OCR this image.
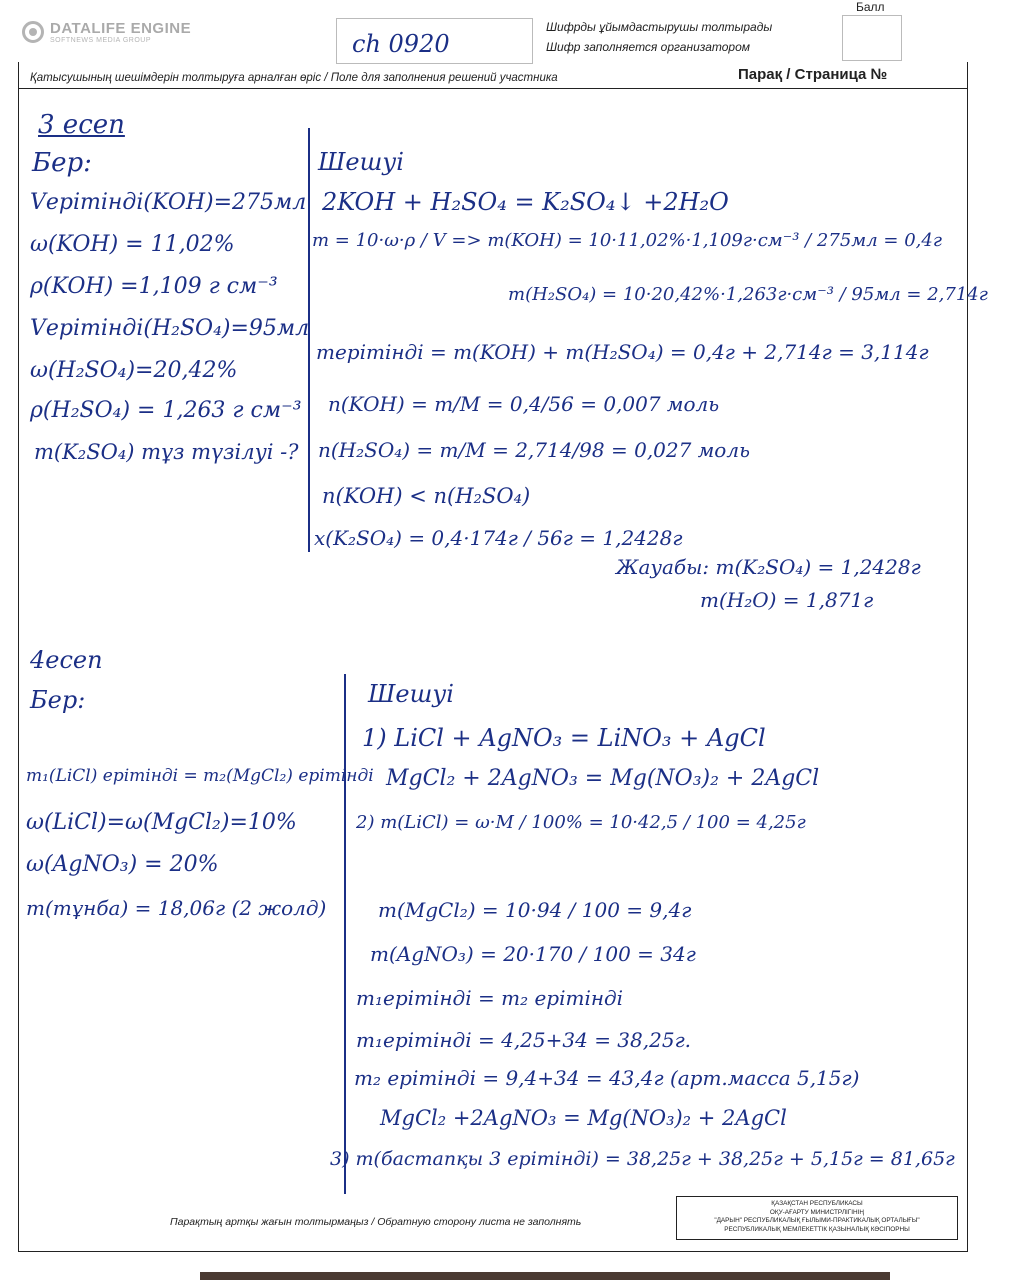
DATALIFE ENGINE
SOFTNEWS MEDIA GROUP	ch 0920
Шифрды ұйымдастырушы толтырады
Шифр заполняется организатором
Балл
Қатысушының шешімдерін толтыруға арналған өріс / Поле для заполнения решений участника	Парақ / Страница №
3 есеп
Бер:
Vерітінді(KOH)=275мл
ω(KOH) = 11,02%
ρ(KOH) =1,109 г см⁻³
Vерітінді(H₂SO₄)=95мл
ω(H₂SO₄)=20,42%
ρ(H₂SO₄) = 1,263 г см⁻³
m(K₂SO₄) тұз түзілуі -?
Шешуі
2KOH + H₂SO₄ = K₂SO₄↓ +2H₂O
m = 10·ω·ρ / V => m(KOH) = 10·11,02%·1,109г·см⁻³ / 275мл = 0,4г
m(H₂SO₄) = 10·20,42%·1,263г·см⁻³ / 95мл = 2,714г
mерітінді = m(KOH) + m(H₂SO₄) = 0,4г + 2,714г = 3,114г
n(KOH) = m/M = 0,4/56 = 0,007 моль
n(H₂SO₄) = m/M = 2,714/98 = 0,027 моль
n(KOH) < n(H₂SO₄)
x(K₂SO₄) = 0,4·174г / 56г = 1,2428г
Жауабы: m(K₂SO₄) = 1,2428г
m(H₂O) = 1,871г
4есеп
Бер:
m₁(LiCl) ерітінді = m₂(MgCl₂) ерітінді
ω(LiCl)=ω(MgCl₂)=10%
ω(AgNO₃) = 20%
m(тұнба) = 18,06г (2 жолд)
Шешуі
1) LiCl + AgNO₃ = LiNO₃ + AgCl
MgCl₂ + 2AgNO₃ = Mg(NO₃)₂ + 2AgCl
2) m(LiCl) = ω·M / 100% = 10·42,5 / 100 = 4,25г
m(MgCl₂) = 10·94 / 100 = 9,4г
m(AgNO₃) = 20·170 / 100 = 34г
m₁ерітінді = m₂ ерітінді
m₁ерітінді = 4,25+34 = 38,25г.
m₂ ерітінді = 9,4+34 = 43,4г (арт.масса 5,15г)
MgCl₂ +2AgNO₃ = Mg(NO₃)₂ + 2AgCl
3) m(бастапқы 3 ерітінді) = 38,25г + 38,25г + 5,15г = 81,65г
Парақтың артқы жағын толтырмаңыз / Обратную сторону листа не заполнять
ҚАЗАҚСТАН РЕСПУБЛИКАСЫ
ОҚУ-АҒАРТУ МИНИСТРЛІГІНІҢ
"ДАРЫН" РЕСПУБЛИКАЛЫҚ ҒЫЛЫМИ-ПРАКТИКАЛЫҚ ОРТАЛЫҒЫ"
РЕСПУБЛИКАЛЫҚ МЕМЛЕКЕТТІК ҚАЗЫНАЛЫҚ КӘСІПОРНЫ
